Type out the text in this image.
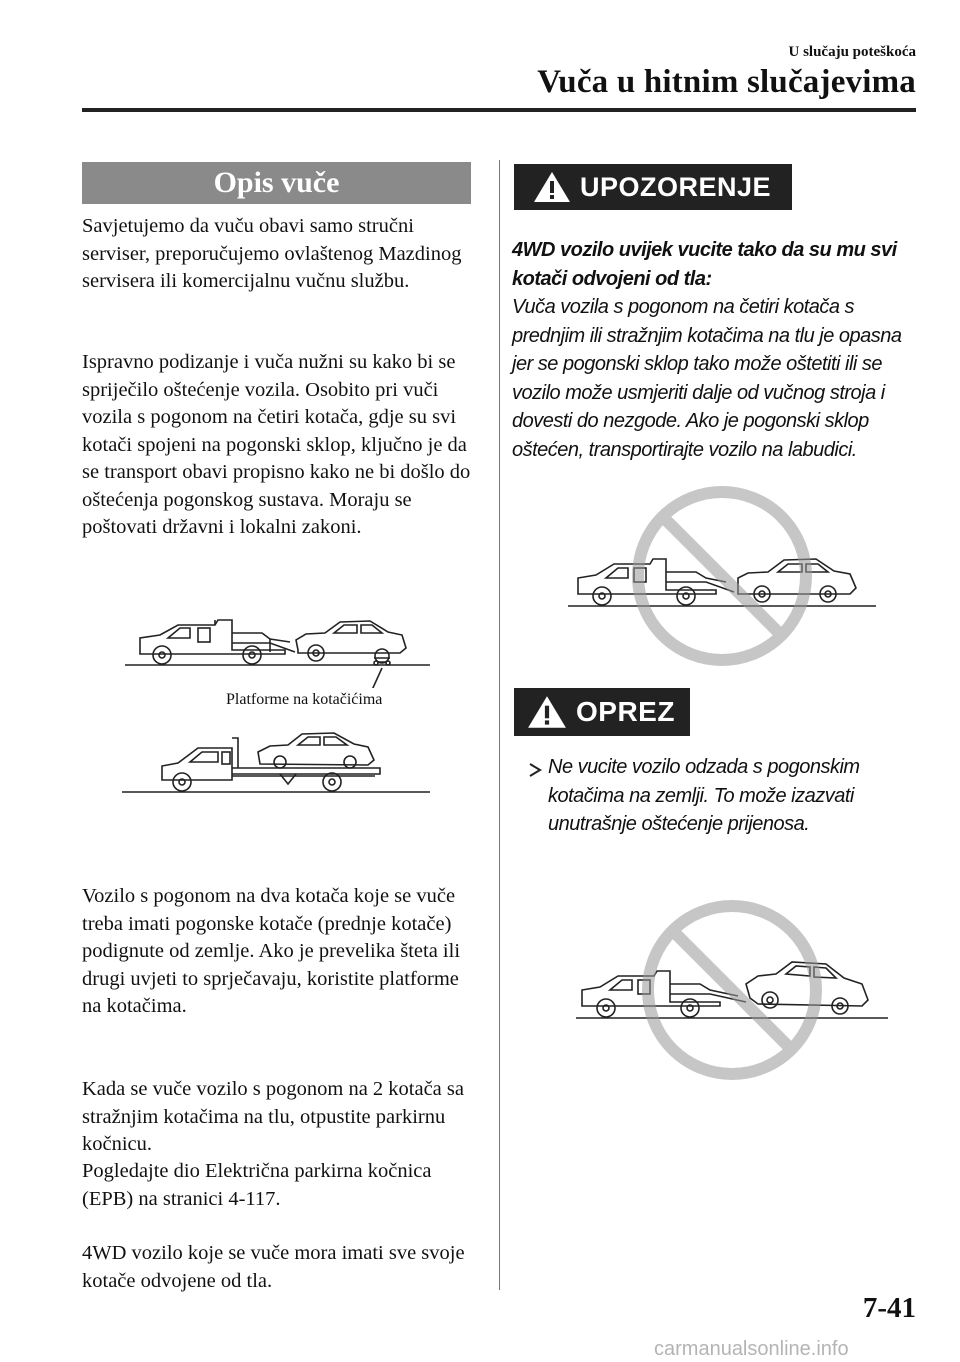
U slučaju poteškoća
Vuča u hitnim slučajevima
Opis vuče

Savjetujemo da vuču obavi samo stručni serviser, preporučujemo ovlaštenog Mazdinog servisera ili komercijalnu vučnu službu.

Ispravno podizanje i vuča nužni su kako bi se spriječilo oštećenje vozila. Osobito pri vuči vozila s pogonom na četiri kotača, gdje su svi kotači spojeni na pogonski sklop, ključno je da se transport obavi propisno kako ne bi došlo do oštećenja pogonskog sustava. Moraju se poštovati državni i lokalni zakoni.

Platforme na kotačićima

Vozilo s pogonom na dva kotača koje se vuče treba imati pogonske kotače (prednje kotače) podignute od zemlje. Ako je prevelika šteta ili drugi uvjeti to sprječavaju, koristite platforme na kotačima.

Kada se vuče vozilo s pogonom na 2 kotača sa stražnjim kotačima na tlu, otpustite parkirnu kočnicu.

Pogledajte dio Električna parkirna kočnica (EPB) na stranici 4-117.

4WD vozilo koje se vuče mora imati sve svoje kotače odvojene od tla.

UPOZORENJE

4WD vozilo uvijek vucite tako da su mu svi kotači odvojeni od tla:
Vuča vozila s pogonom na četiri kotača s prednjim ili stražnjim kotačima na tlu je opasna jer se pogonski sklop tako može oštetiti ili se vozilo može usmjeriti dalje od vučnog stroja i dovesti do nezgode. Ako je pogonski sklop oštećen, transportirajte vozilo na labudici.

OPREZ

Ne vucite vozilo odzada s pogonskim kotačima na zemlji. To može izazvati unutrašnje oštećenje prijenosa.

7-41
carmanualsonline.info
